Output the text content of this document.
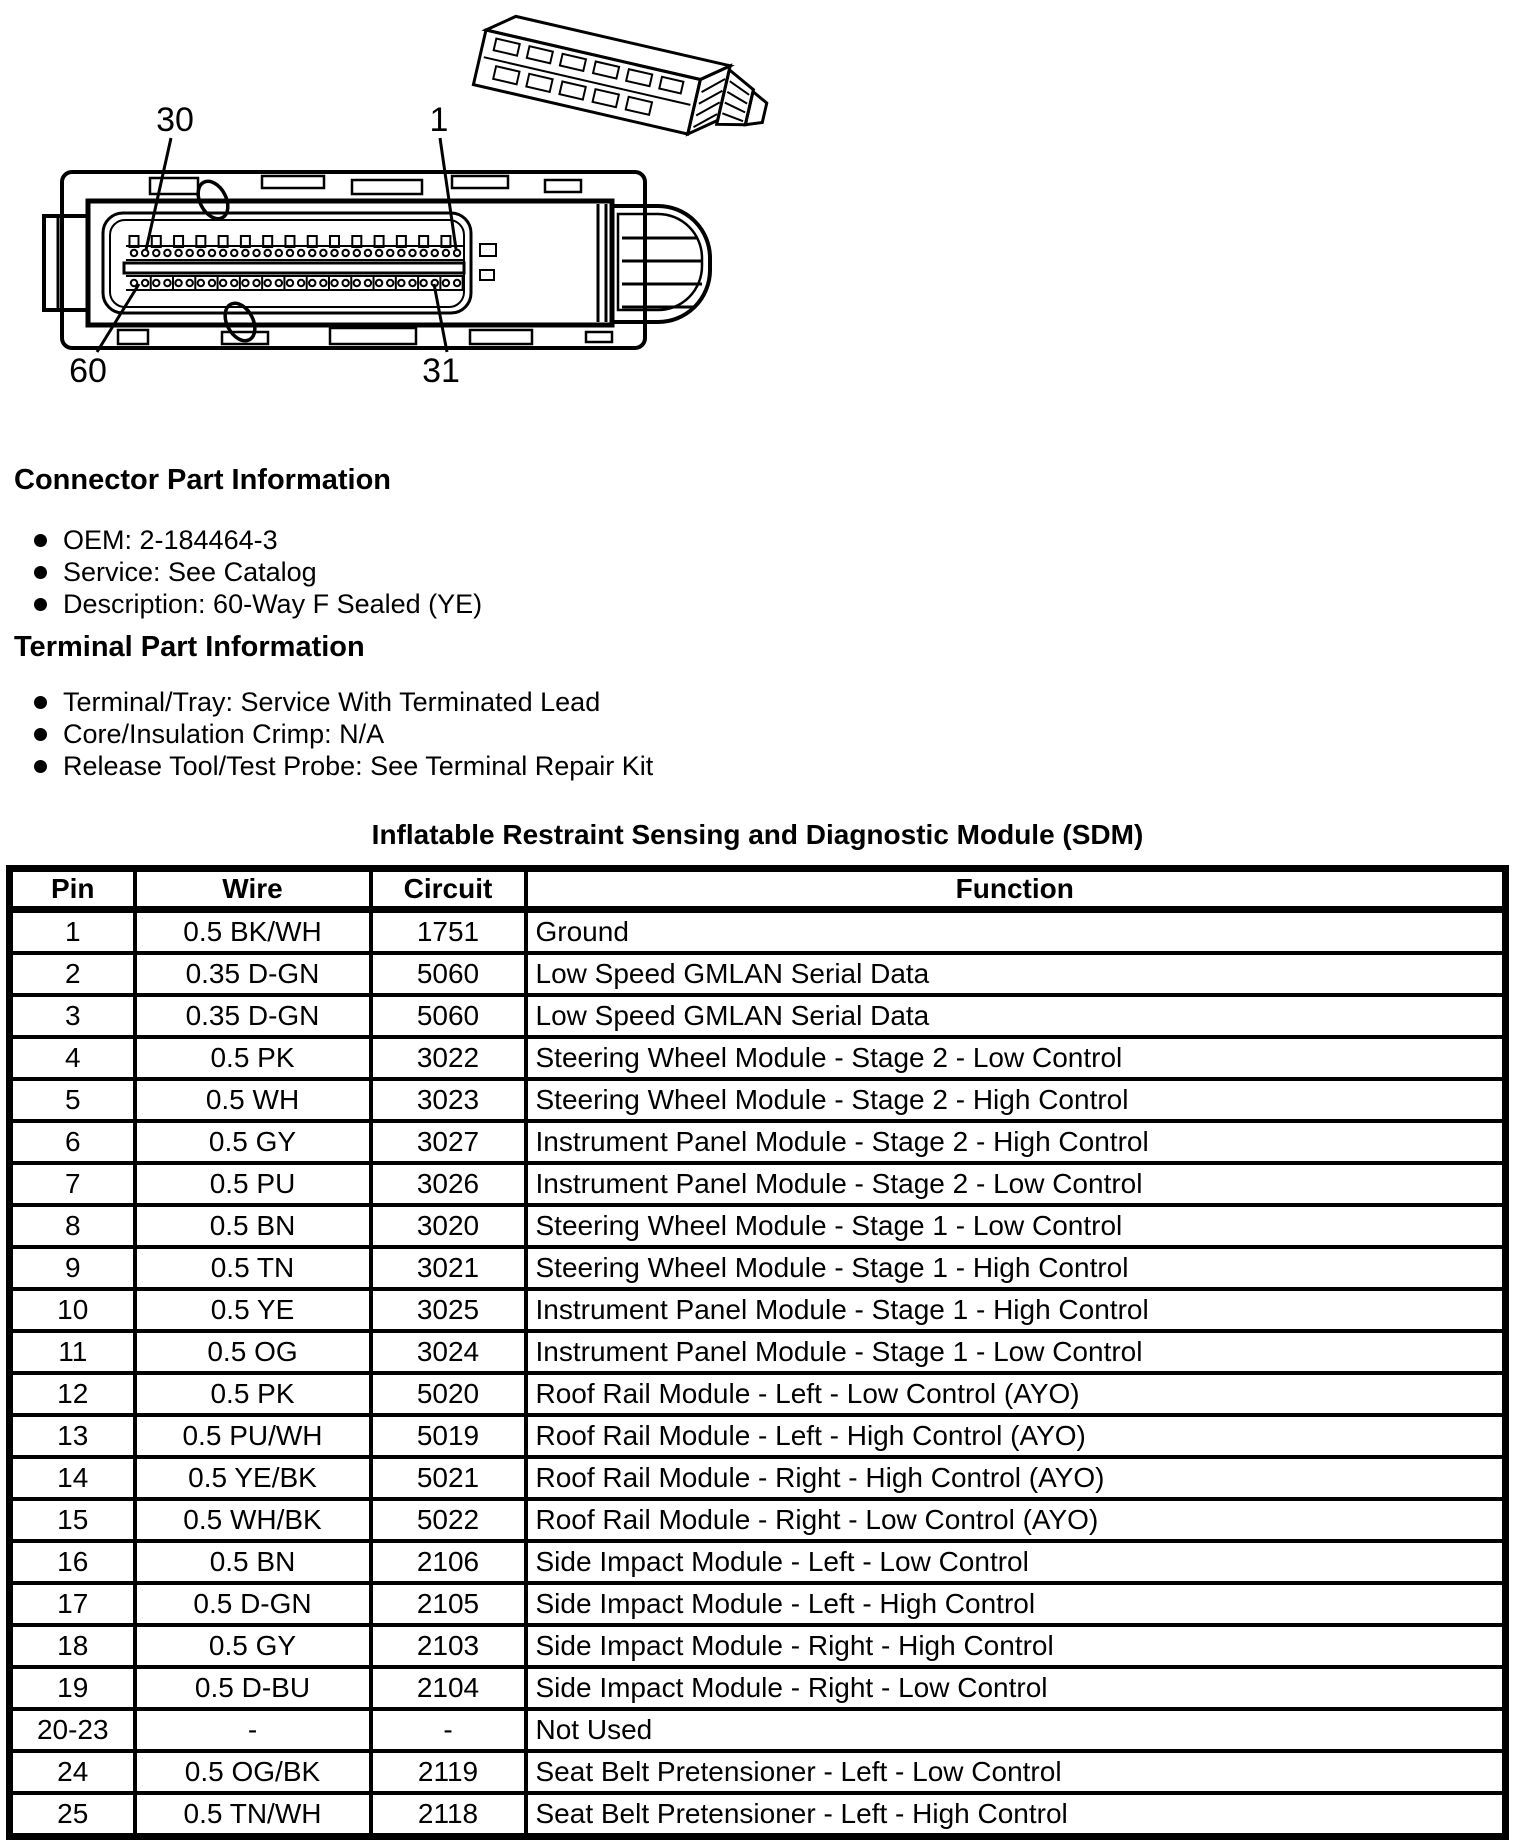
30	1
60	31
Connector Part Information
OEM: 2-184464-3
Service: See Catalog
Description: 60-Way F Sealed (YE)
Terminal Part Information
Terminal/Tray: Service With Terminated Lead
Core/Insulation Crimp: N/A
Release Tool/Test Probe: See Terminal Repair Kit
Inflatable Restraint Sensing and Diagnostic Module (SDM)
Pin	Wire	Circuit	Function
1	0.5 BK/WH	1751	Ground
2	0.35 D-GN	5060	Low Speed GMLAN Serial Data
3	0.35 D-GN	5060	Low Speed GMLAN Serial Data
4	0.5 PK	3022	Steering Wheel Module - Stage 2 - Low Control
5	0.5 WH	3023	Steering Wheel Module - Stage 2 - High Control
6	0.5 GY	3027	Instrument Panel Module - Stage 2 - High Control
7	0.5 PU	3026	Instrument Panel Module - Stage 2 - Low Control
8	0.5 BN	3020	Steering Wheel Module - Stage 1 - Low Control
9	0.5 TN	3021	Steering Wheel Module - Stage 1 - High Control
10	0.5 YE	3025	Instrument Panel Module - Stage 1 - High Control
11	0.5 OG	3024	Instrument Panel Module - Stage 1 - Low Control
12	0.5 PK	5020	Roof Rail Module - Left - Low Control (AYO)
13	0.5 PU/WH	5019	Roof Rail Module - Left - High Control (AYO)
14	0.5 YE/BK	5021	Roof Rail Module - Right - High Control (AYO)
15	0.5 WH/BK	5022	Roof Rail Module - Right - Low Control (AYO)
16	0.5 BN	2106	Side Impact Module - Left - Low Control
17	0.5 D-GN	2105	Side Impact Module - Left - High Control
18	0.5 GY	2103	Side Impact Module - Right - High Control
19	0.5 D-BU	2104	Side Impact Module - Right - Low Control
20-23	-	-	Not Used
24	0.5 OG/BK	2119	Seat Belt Pretensioner - Left - Low Control
25	0.5 TN/WH	2118	Seat Belt Pretensioner - Left - High Control
